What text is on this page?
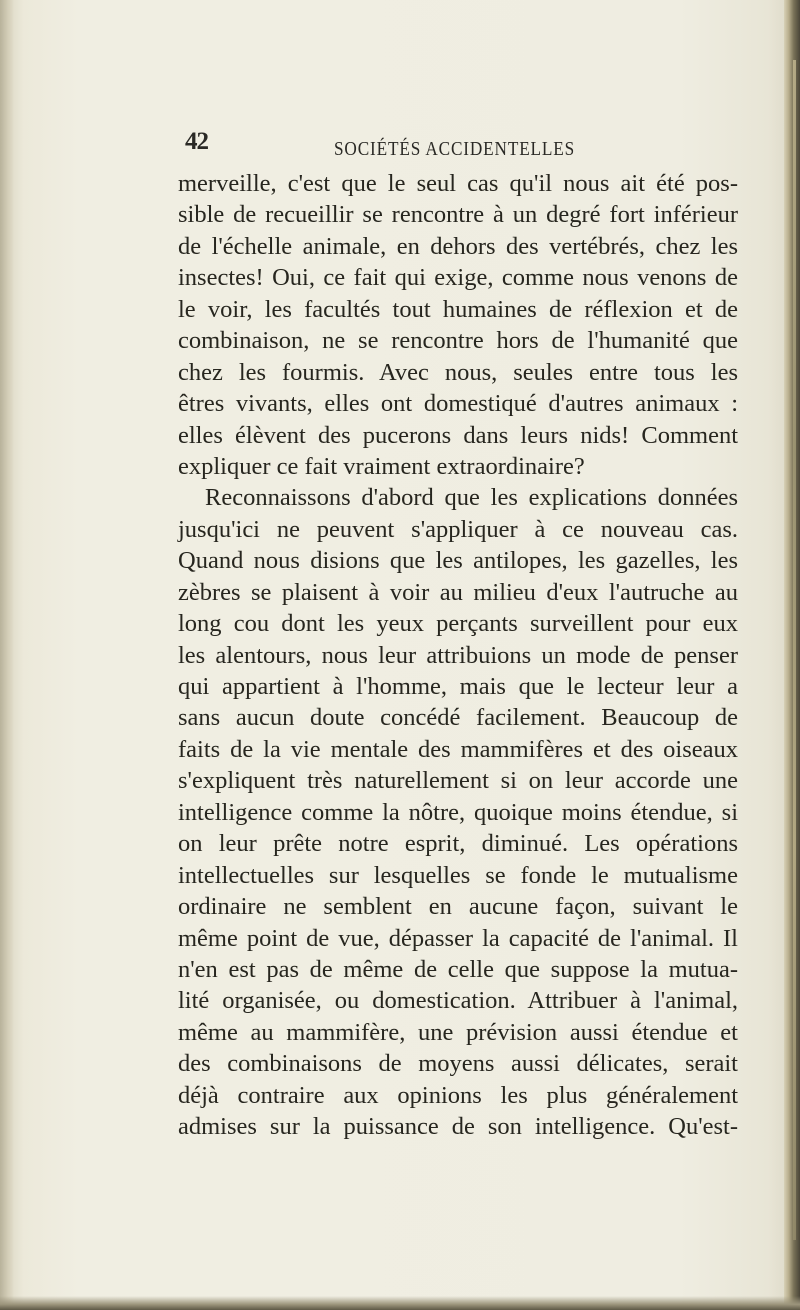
42	SOCIÉTÉS ACCIDENTELLES
merveille, c'est que le seul cas qu'il nous ait été pos-
sible de recueillir se rencontre à un degré fort inférieur
de l'échelle animale, en dehors des vertébrés, chez les
insectes! Oui, ce fait qui exige, comme nous venons de
le voir, les facultés tout humaines de réflexion et de
combinaison, ne se rencontre hors de l'humanité que
chez les fourmis. Avec nous, seules entre tous les
êtres vivants, elles ont domestiqué d'autres animaux :
elles élèvent des pucerons dans leurs nids! Comment
expliquer ce fait vraiment extraordinaire?
Reconnaissons d'abord que les explications données
jusqu'ici ne peuvent s'appliquer à ce nouveau cas.
Quand nous disions que les antilopes, les gazelles, les
zèbres se plaisent à voir au milieu d'eux l'autruche au
long cou dont les yeux perçants surveillent pour eux
les alentours, nous leur attribuions un mode de penser
qui appartient à l'homme, mais que le lecteur leur a
sans aucun doute concédé facilement. Beaucoup de
faits de la vie mentale des mammifères et des oiseaux
s'expliquent très naturellement si on leur accorde une
intelligence comme la nôtre, quoique moins étendue, si
on leur prête notre esprit, diminué. Les opérations
intellectuelles sur lesquelles se fonde le mutualisme
ordinaire ne semblent en aucune façon, suivant le
même point de vue, dépasser la capacité de l'animal. Il
n'en est pas de même de celle que suppose la mutua-
lité organisée, ou domestication. Attribuer à l'animal,
même au mammifère, une prévision aussi étendue et
des combinaisons de moyens aussi délicates, serait
déjà contraire aux opinions les plus généralement
admises sur la puissance de son intelligence. Qu'est-
